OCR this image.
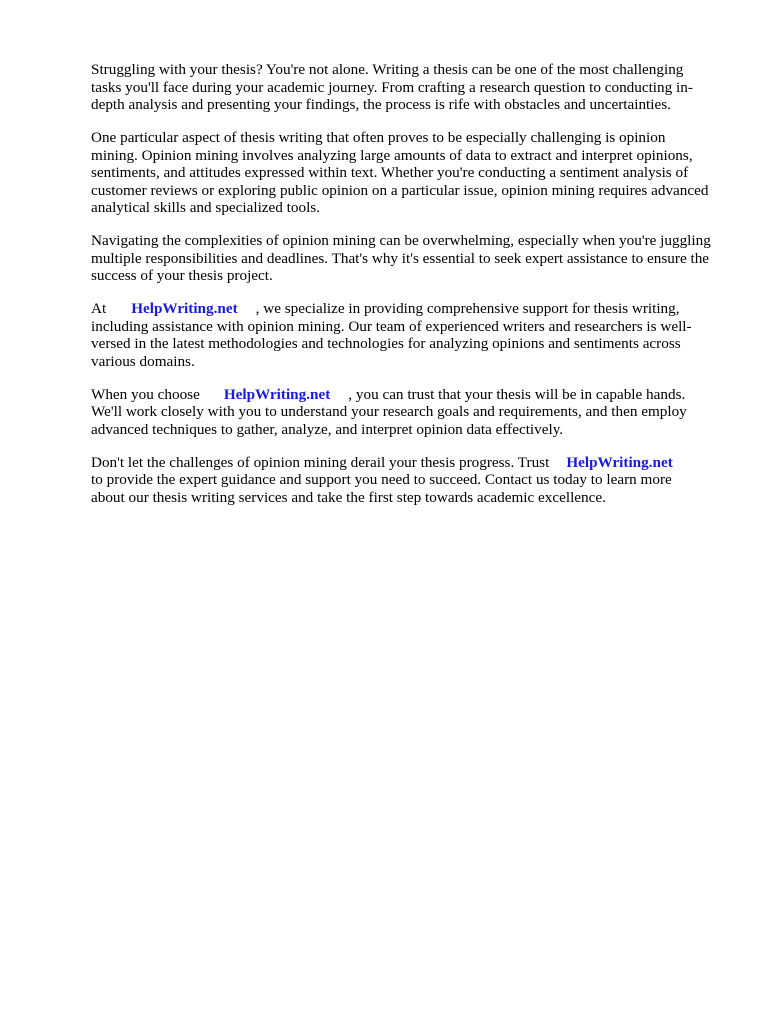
Struggling with your thesis? You're not alone. Writing a thesis can be one of the most challenging
tasks you'll face during your academic journey. From crafting a research question to conducting in-
depth analysis and presenting your findings, the process is rife with obstacles and uncertainties.

One particular aspect of thesis writing that often proves to be especially challenging is opinion
mining. Opinion mining involves analyzing large amounts of data to extract and interpret opinions,
sentiments, and attitudes expressed within text. Whether you're conducting a sentiment analysis of
customer reviews or exploring public opinion on a particular issue, opinion mining requires advanced
analytical skills and specialized tools.

Navigating the complexities of opinion mining can be overwhelming, especially when you're juggling
multiple responsibilities and deadlines. That's why it's essential to seek expert assistance to ensure the
success of your thesis project.

At HelpWriting.net , we specialize in providing comprehensive support for thesis writing,
including assistance with opinion mining. Our team of experienced writers and researchers is well-
versed in the latest methodologies and technologies for analyzing opinions and sentiments across
various domains.

When you choose HelpWriting.net , you can trust that your thesis will be in capable hands.
We'll work closely with you to understand your research goals and requirements, and then employ
advanced techniques to gather, analyze, and interpret opinion data effectively.

Don't let the challenges of opinion mining derail your thesis progress. Trust HelpWriting.net
to provide the expert guidance and support you need to succeed. Contact us today to learn more
about our thesis writing services and take the first step towards academic excellence.
